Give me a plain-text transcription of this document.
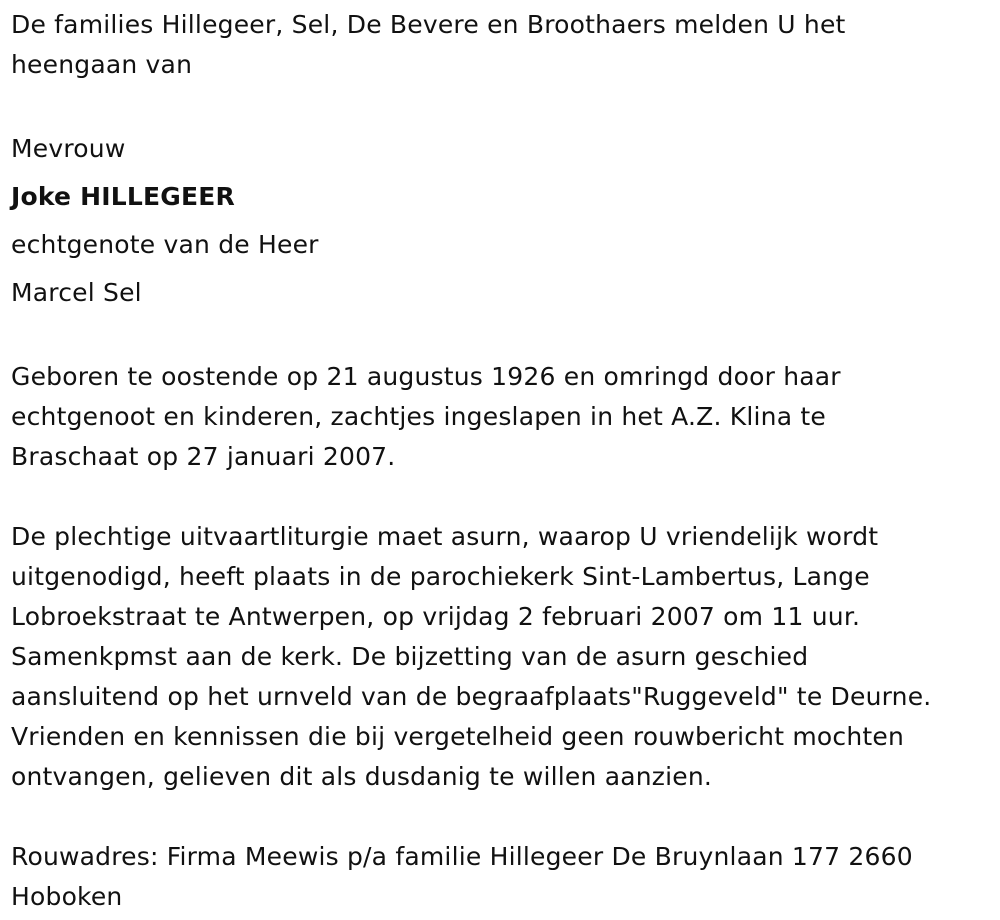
De families Hillegeer, Sel, De Bevere en Broothaers melden U het
heengaan van
Mevrouw
Joke HILLEGEER
echtgenote van de Heer
Marcel Sel
Geboren te oostende op 21 augustus 1926 en omringd door haar
echtgenoot en kinderen, zachtjes ingeslapen in het A.Z. Klina te
Braschaat op 27 januari 2007.
De plechtige uitvaartliturgie maet asurn, waarop U vriendelijk wordt
uitgenodigd, heeft plaats in de parochiekerk Sint-Lambertus, Lange
Lobroekstraat te Antwerpen, op vrijdag 2 februari 2007 om 11 uur.
Samenkpmst aan de kerk. De bijzetting van de asurn geschied
aansluitend op het urnveld van de begraafplaats"Ruggeveld" te Deurne.
Vrienden en kennissen die bij vergetelheid geen rouwbericht mochten
ontvangen, gelieven dit als dusdanig te willen aanzien.
Rouwadres: Firma Meewis p/a familie Hillegeer De Bruynlaan 177 2660
Hoboken
